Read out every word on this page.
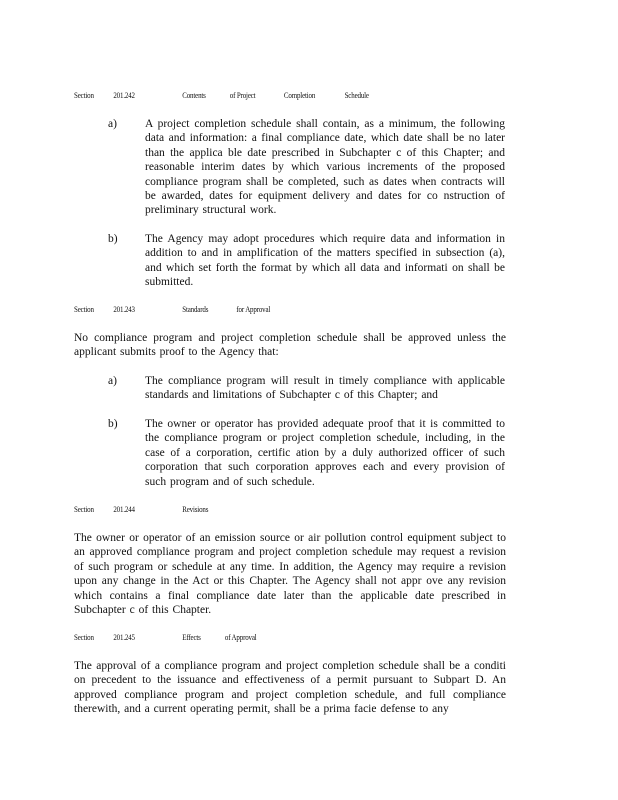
Section 201.242	Contents	of Project	Completion	Schedule
a) A project completion schedule shall contain, as a minimum, the following data and information: a final compliance date, which date shall be no later than the applica ble date prescribed in Subchapter c of this Chapter; and reasonable interim dates by which various increments of the proposed compliance program shall be completed, such as dates when contracts will be awarded, dates for equipment delivery and dates for co nstruction of preliminary structural work.
b) The Agency may adopt procedures which require data and information in addition to and in amplification of the matters specified in subsection (a), and which set forth the format by which all data and informati on shall be submitted.
Section 201.243	Standards	for Approval
No compliance program and project completion schedule shall be approved unless the applicant submits proof to the Agency that:
a) The compliance program will result in timely compliance with applicable standards and limitations of Subchapter c of this Chapter; and
b) The owner or operator has provided adequate proof that it is committed to the compliance program or project completion schedule, including, in the case of a corporation, certific ation by a duly authorized officer of such corporation that such corporation approves each and every provision of such program and of such schedule.
Section 201.244	Revisions
The owner or operator of an emission source or air pollution control equipment subject to an approved compliance program and project completion schedule may request a revision of such program or schedule at any time. In addition, the Agency may require a revision upon any change in the Act or this Chapter. The Agency shall not appr ove any revision which contains a final compliance date later than the applicable date prescribed in Subchapter c of this Chapter.
Section 201.245	Effects	of Approval
The approval of a compliance program and project completion schedule shall be a conditi on precedent to the issuance and effectiveness of a permit pursuant to Subpart D. An approved compliance program and project completion schedule, and full compliance therewith, and a current operating permit, shall be a prima facie defense to any
